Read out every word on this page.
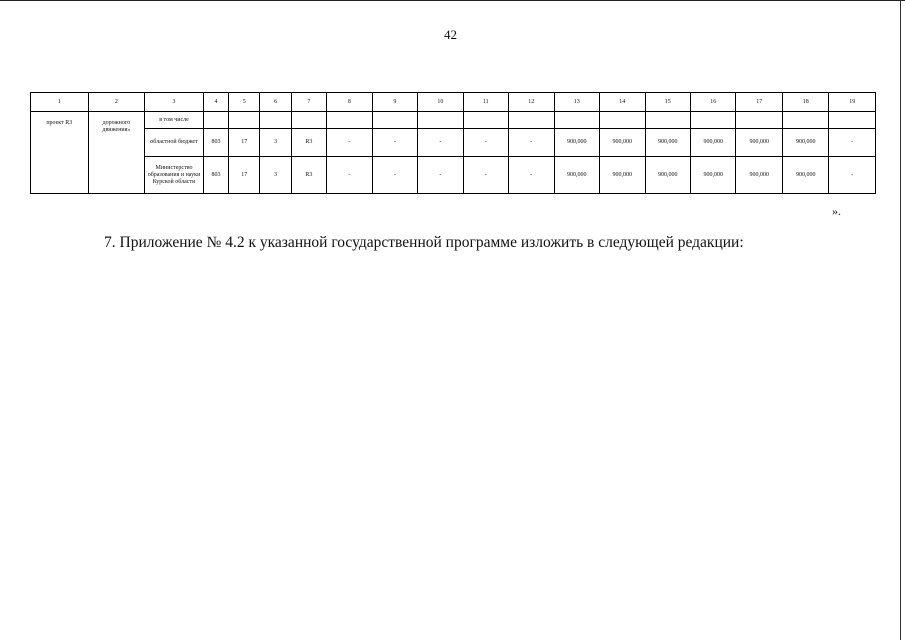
42
1	2	3	4	5	6	7	8	9	10	11	12	13	14	15	16	17	18	19
проект R3	дорожного движения»	в том числе																
		областной бюджет	803	17	3	R3	-	-	-	-	-	900,000	900,000	900,000	900,000	900,000	900,000	-
		Министерство образования и науки Курской области	803	17	3	R3	-	-	-	-	-	900,000	900,000	900,000	900,000	900,000	900,000	-
».
7. Приложение № 4.2 к указанной государственной программе изложить в следующей редакции:
